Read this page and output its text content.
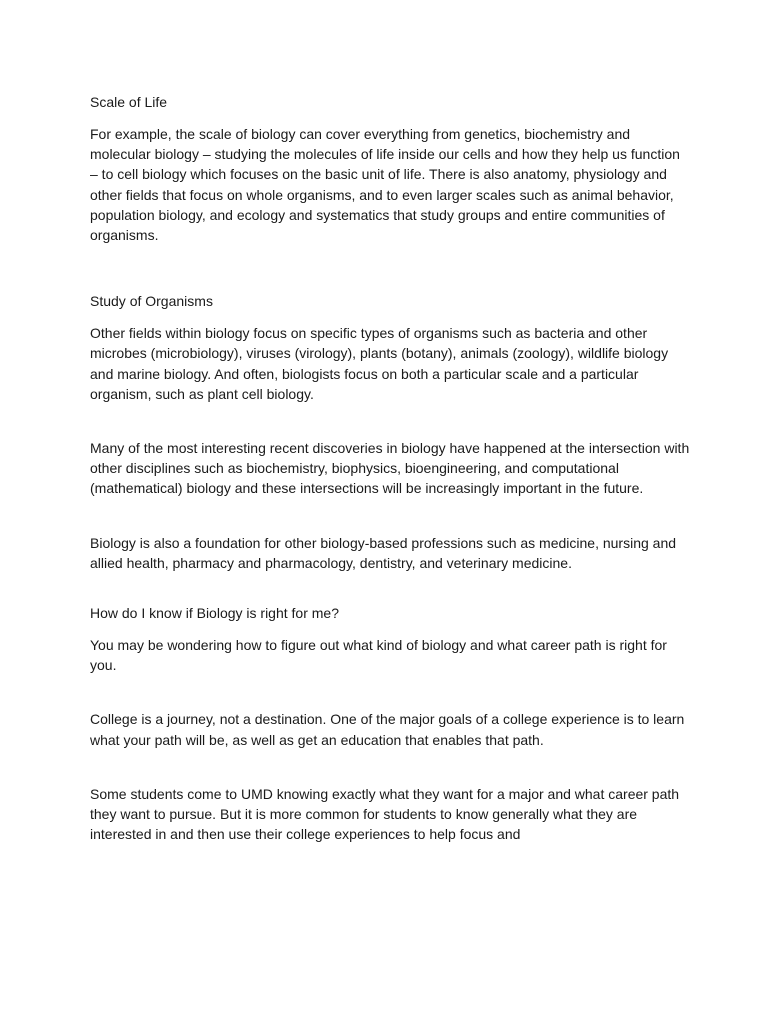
Scale of Life

For example, the scale of biology can cover everything from genetics, biochemistry and molecular biology – studying the molecules of life inside our cells and how they help us function – to cell biology which focuses on the basic unit of life. There is also anatomy, physiology and other fields that focus on whole organisms, and to even larger scales such as animal behavior, population biology, and ecology and systematics that study groups and entire communities of organisms.

Study of Organisms

Other fields within biology focus on specific types of organisms such as bacteria and other microbes (microbiology), viruses (virology), plants (botany), animals (zoology), wildlife biology and marine biology. And often, biologists focus on both a particular scale and a particular organism, such as plant cell biology.

Many of the most interesting recent discoveries in biology have happened at the intersection with other disciplines such as biochemistry, biophysics, bioengineering, and computational (mathematical) biology and these intersections will be increasingly important in the future.

Biology is also a foundation for other biology-based professions such as medicine, nursing and allied health, pharmacy and pharmacology, dentistry, and veterinary medicine.

How do I know if Biology is right for me?

You may be wondering how to figure out what kind of biology and what career path is right for you.

College is a journey, not a destination. One of the major goals of a college experience is to learn what your path will be, as well as get an education that enables that path.

Some students come to UMD knowing exactly what they want for a major and what career path they want to pursue. But it is more common for students to know generally what they are interested in and then use their college experiences to help focus and
